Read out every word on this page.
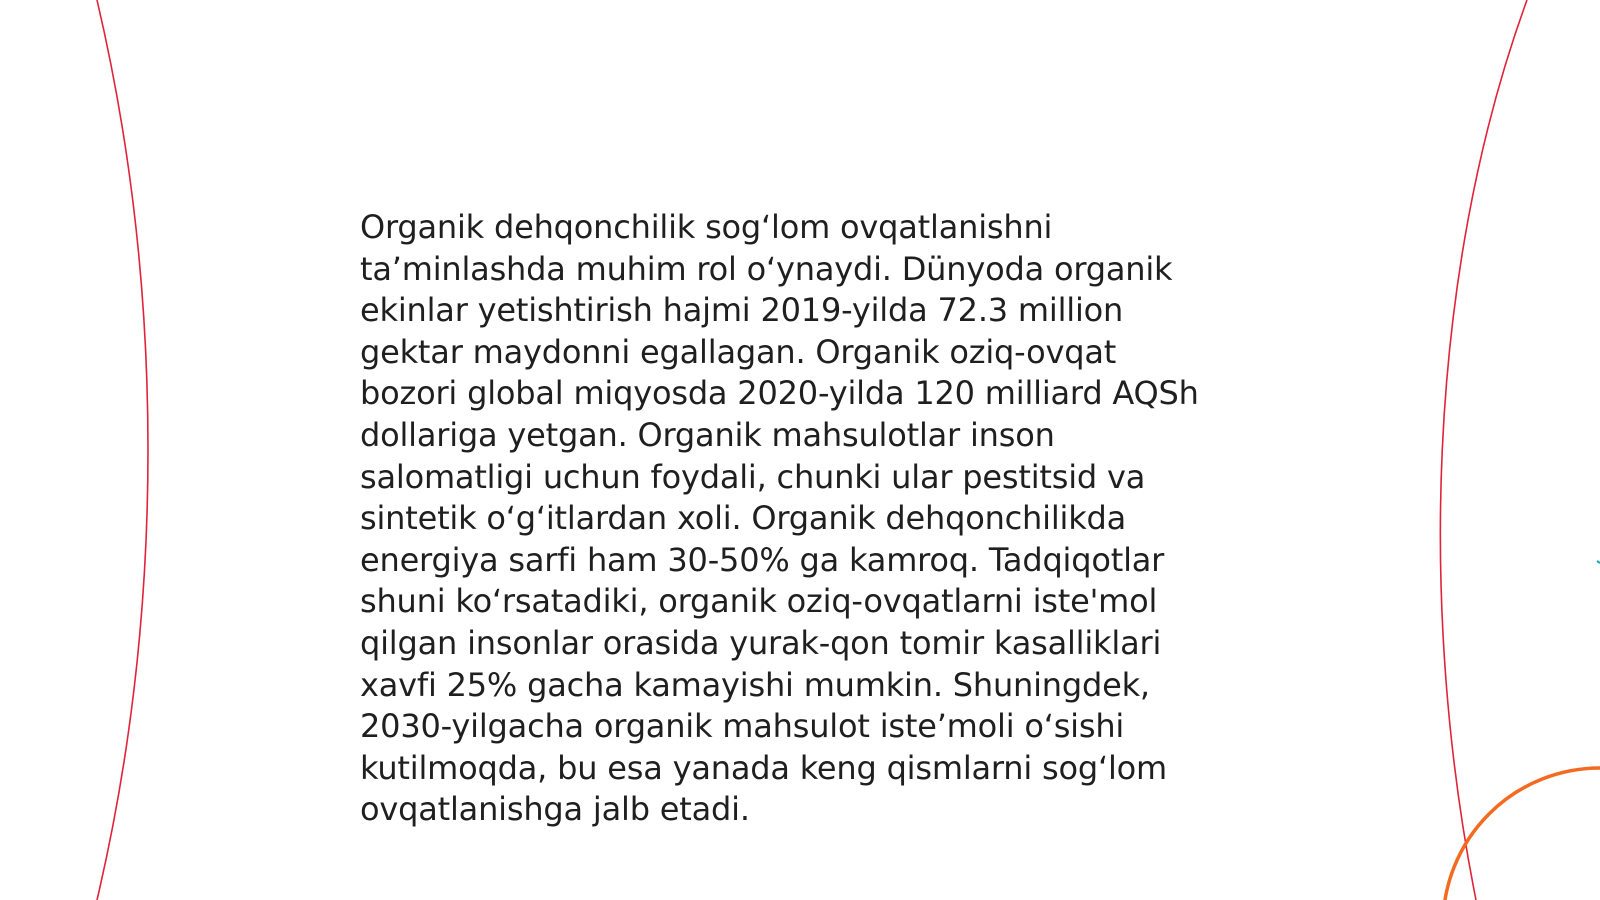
Organik dehqonchilik sogʻlom ovqatlanishni
taʼminlashda muhim rol oʻynaydi. Dünyoda organik
ekinlar yetishtirish hajmi 2019-yilda 72.3 million
gektar maydonni egallagan. Organik oziq-ovqat
bozori global miqyosda 2020-yilda 120 milliard AQSh
dollariga yetgan. Organik mahsulotlar inson
salomatligi uchun foydali, chunki ular pestitsid va
sintetik oʻgʻitlardan xoli. Organik dehqonchilikda
energiya sarfi ham 30-50% ga kamroq. Tadqiqotlar
shuni koʻrsatadiki, organik oziq-ovqatlarni iste'mol
qilgan insonlar orasida yurak-qon tomir kasalliklari
xavfi 25% gacha kamayishi mumkin. Shuningdek,
2030-yilgacha organik mahsulot isteʼmoli oʻsishi
kutilmoqda, bu esa yanada keng qismlarni sogʻlom
ovqatlanishga jalb etadi.
